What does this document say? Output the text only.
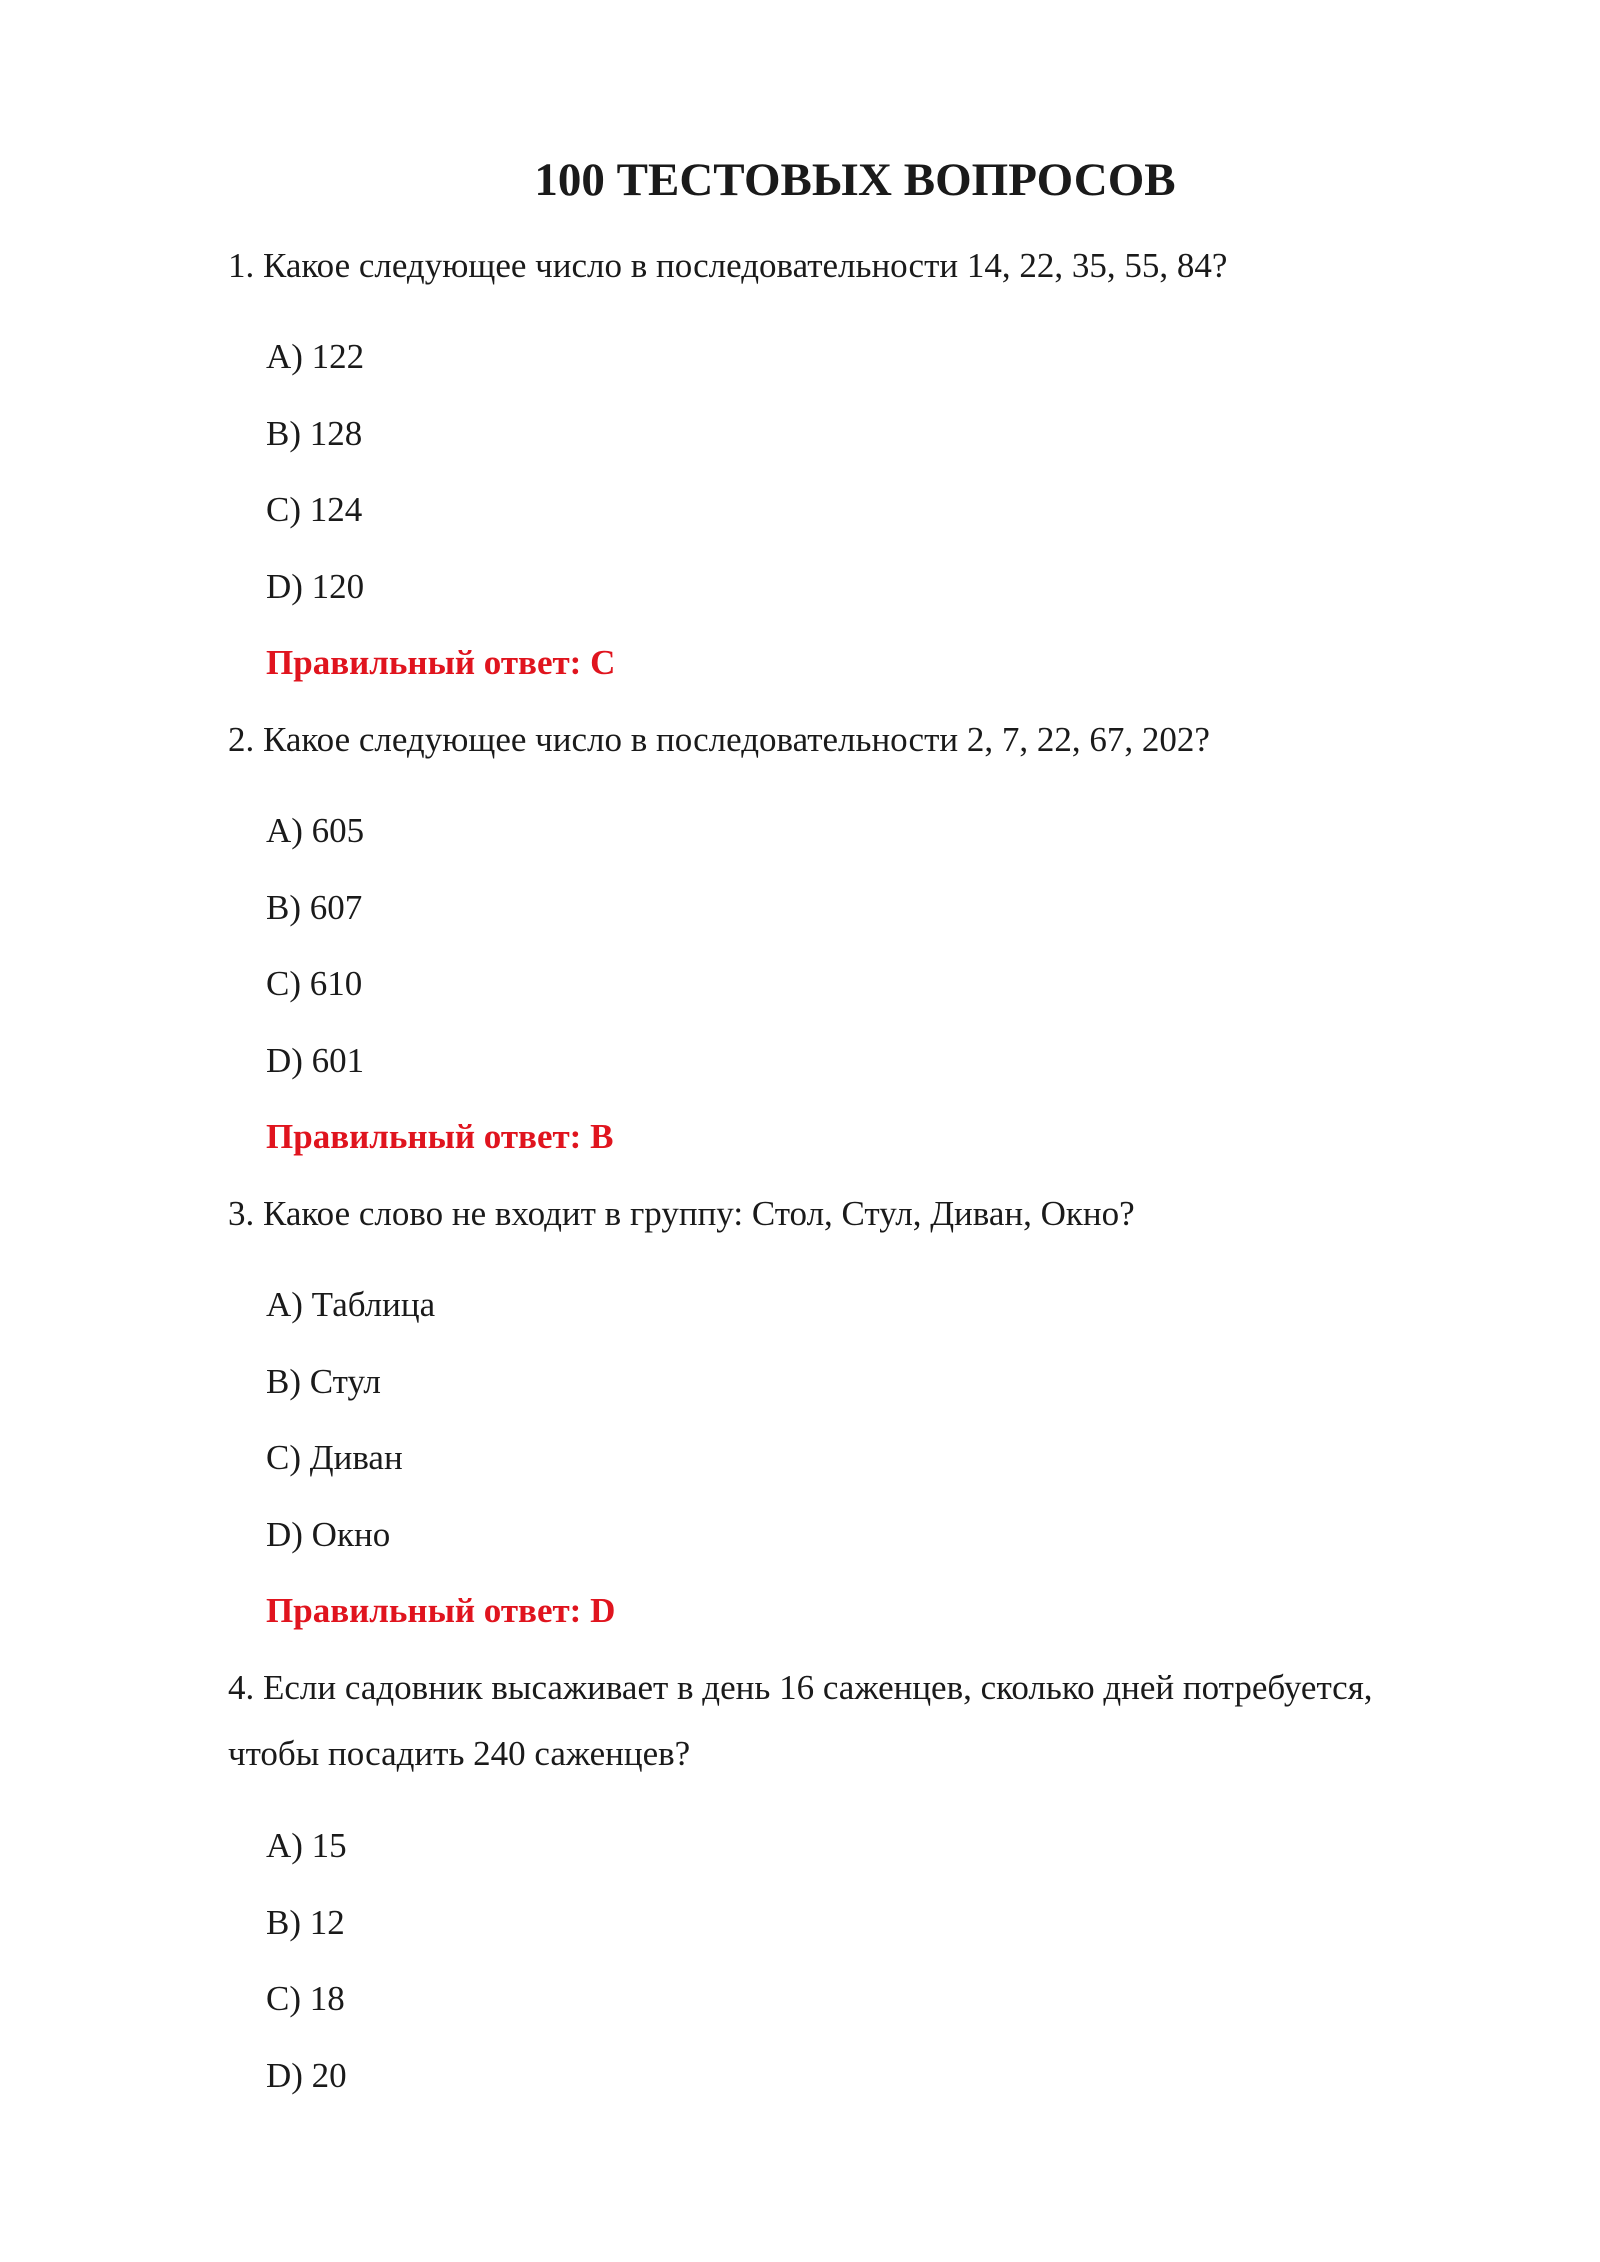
100 ТЕСТОВЫХ ВОПРОСОВ
1. Какое следующее число в последовательности 14, 22, 35, 55, 84?
A) 122
B) 128
C) 124
D) 120
Правильный ответ: C
2. Какое следующее число в последовательности 2, 7, 22, 67, 202?
A) 605
B) 607
C) 610
D) 601
Правильный ответ: B
3. Какое слово не входит в группу: Стол, Стул, Диван, Окно?
A) Таблица
B) Стул
C) Диван
D) Окно
Правильный ответ: D
4. Если садовник высаживает в день 16 саженцев, сколько дней потребуется, чтобы посадить 240 саженцев?
A) 15
B) 12
C) 18
D) 20
